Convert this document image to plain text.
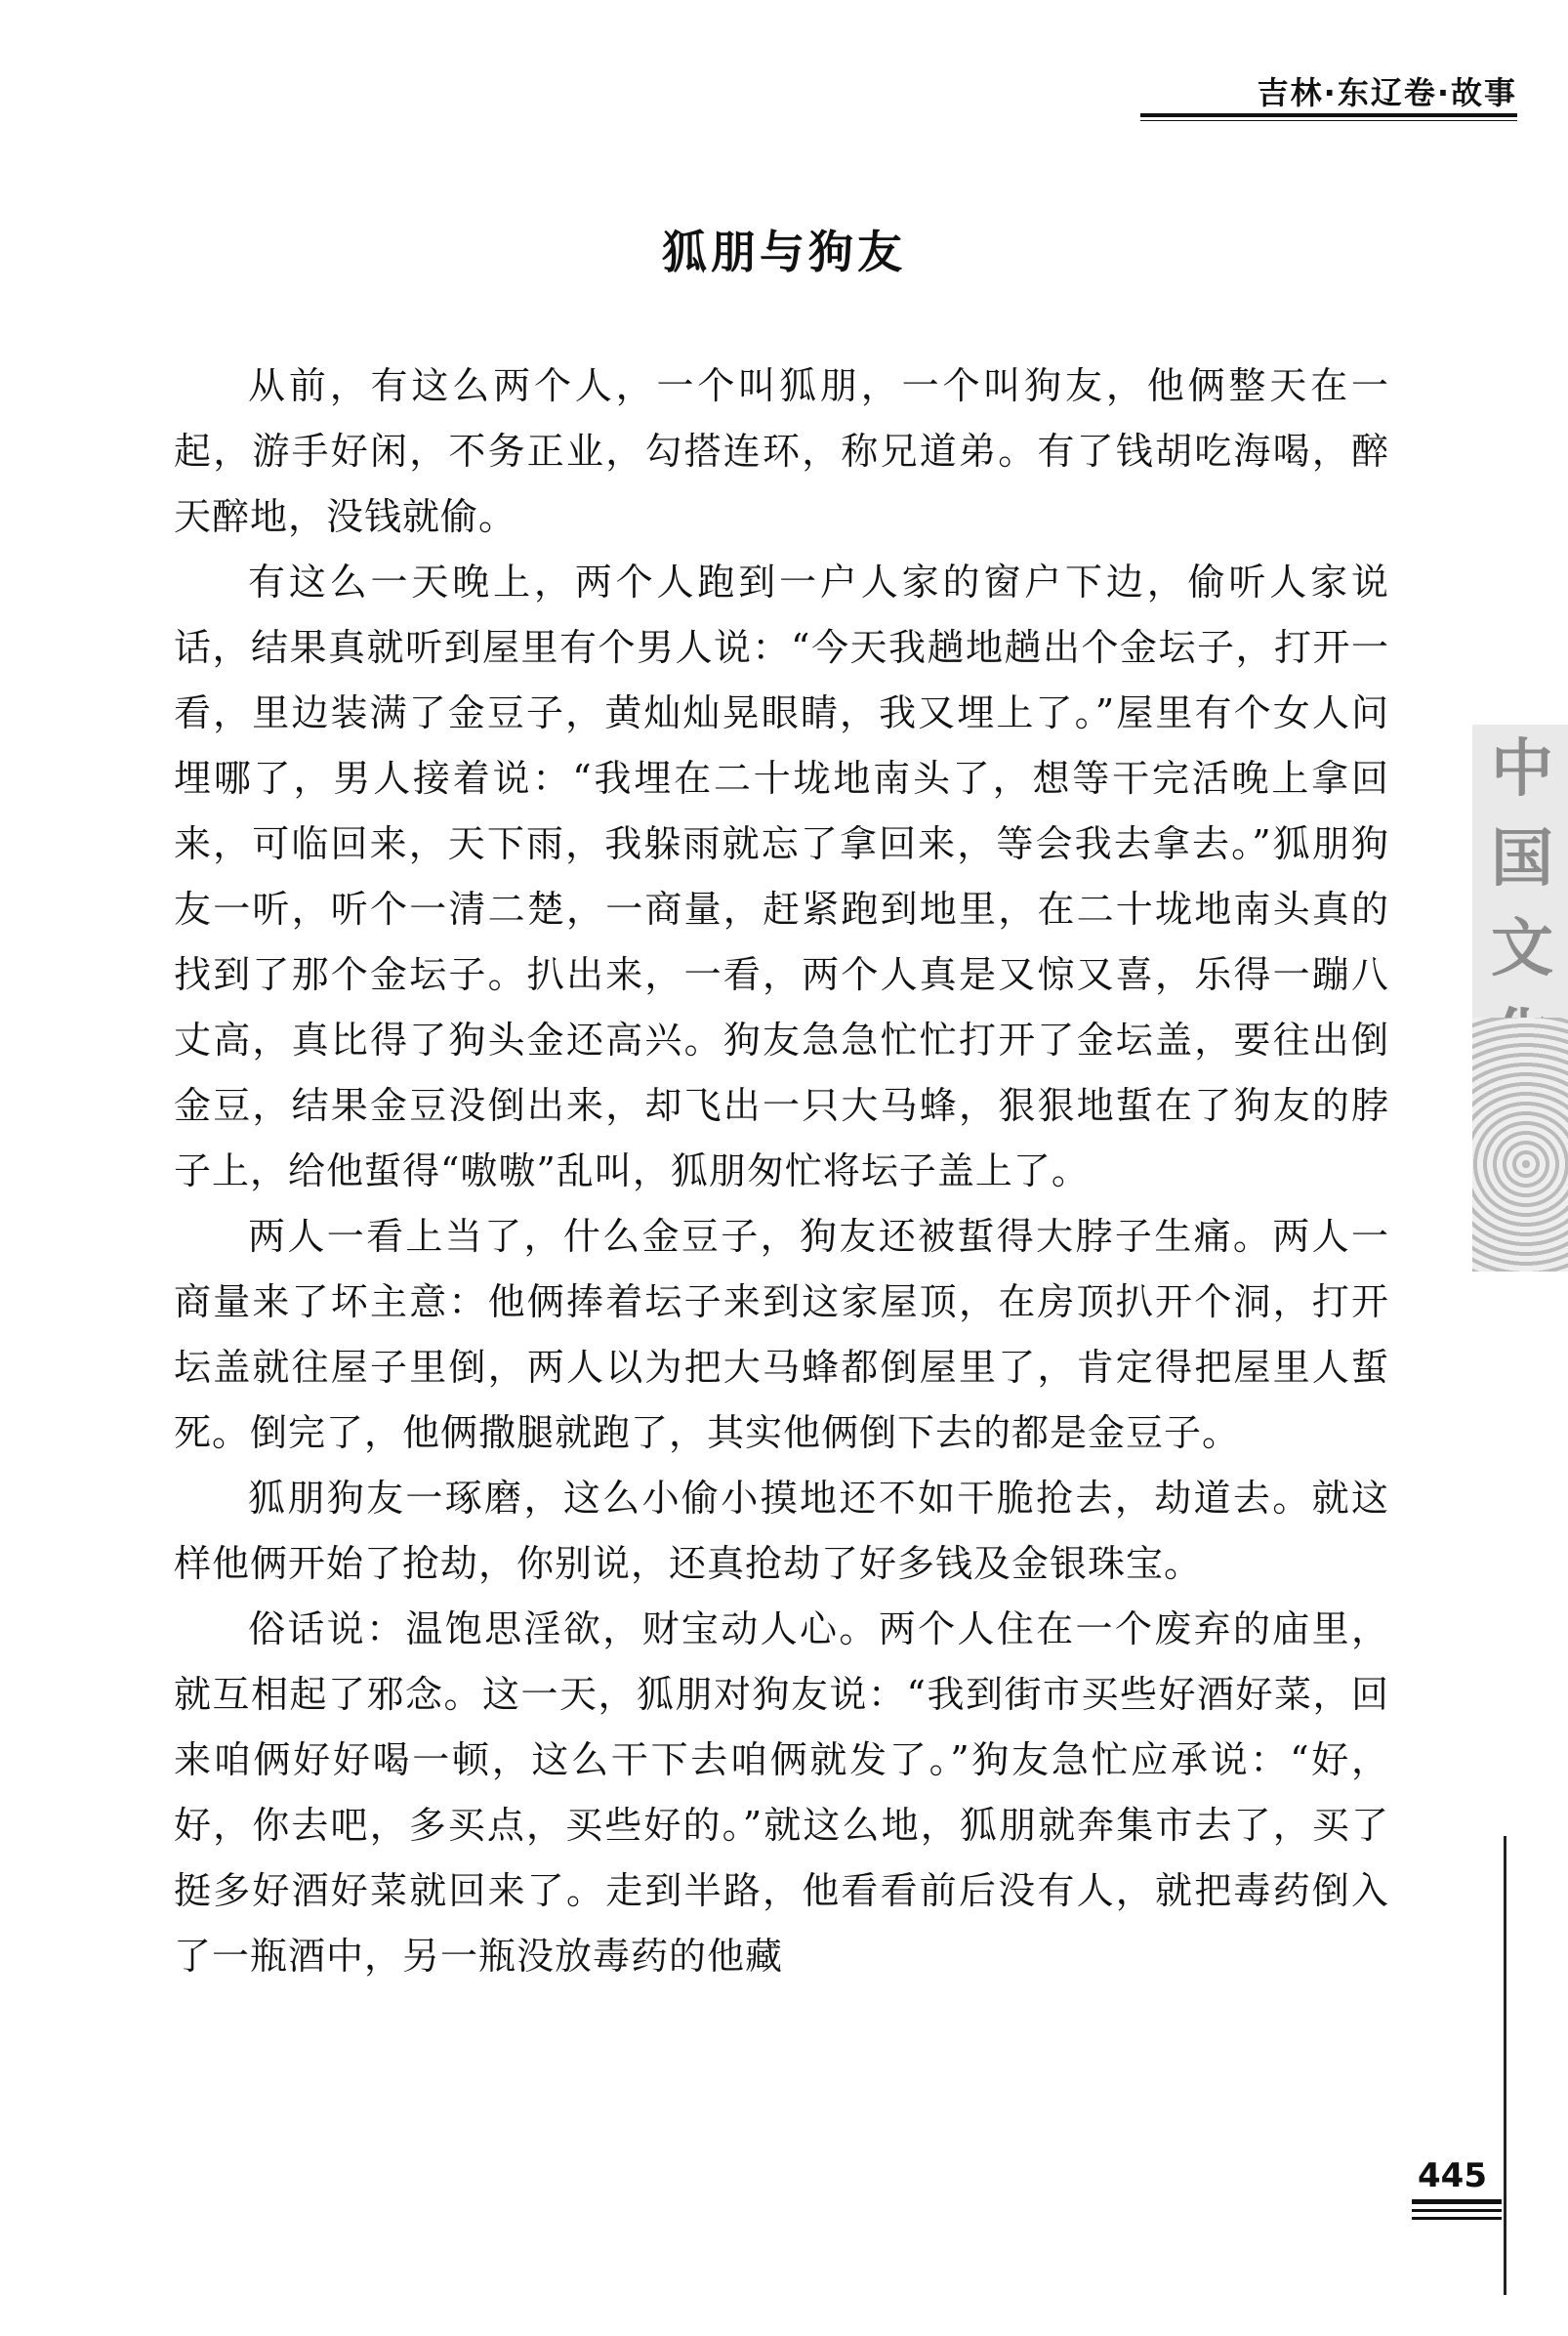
吉林·东辽卷·故事
狐朋与狗友

从前，有这么两个人，一个叫狐朋，一个叫狗友，他俩整天在一起，游手好闲，不务正业，勾搭连环，称兄道弟。有了钱胡吃海喝，醉天醉地，没钱就偷。

有这么一天晚上，两个人跑到一户人家的窗户下边，偷听人家说话，结果真就听到屋里有个男人说：“今天我趟地趟出个金坛子，打开一看，里边装满了金豆子，黄灿灿晃眼睛，我又埋上了。”屋里有个女人问埋哪了，男人接着说：“我埋在二十垅地南头了，想等干完活晚上拿回来，可临回来，天下雨，我躲雨就忘了拿回来，等会我去拿去。”狐朋狗友一听，听个一清二楚，一商量，赶紧跑到地里，在二十垅地南头真的找到了那个金坛子。扒出来，一看，两个人真是又惊又喜，乐得一蹦八丈高，真比得了狗头金还高兴。狗友急急忙忙打开了金坛盖，要往出倒金豆，结果金豆没倒出来，却飞出一只大马蜂，狠狠地蜇在了狗友的脖子上，给他蜇得“嗷嗷”乱叫，狐朋匆忙将坛子盖上了。

两人一看上当了，什么金豆子，狗友还被蜇得大脖子生痛。两人一商量来了坏主意：他俩捧着坛子来到这家屋顶，在房顶扒开个洞，打开坛盖就往屋子里倒，两人以为把大马蜂都倒屋里了，肯定得把屋里人蜇死。倒完了，他俩撒腿就跑了，其实他俩倒下去的都是金豆子。

狐朋狗友一琢磨，这么小偷小摸地还不如干脆抢去，劫道去。就这样他俩开始了抢劫，你别说，还真抢劫了好多钱及金银珠宝。

俗话说：温饱思淫欲，财宝动人心。两个人住在一个废弃的庙里，就互相起了邪念。这一天，狐朋对狗友说：“我到街市买些好酒好菜，回来咱俩好好喝一顿，这么干下去咱俩就发了。”狗友急忙应承说：“好，好，你去吧，多买点，买些好的。”就这么地，狐朋就奔集市去了，买了挺多好酒好菜就回来了。走到半路，他看看前后没有人，就把毒药倒入了一瓶酒中，另一瓶没放毒药的他藏

中国
文
445
